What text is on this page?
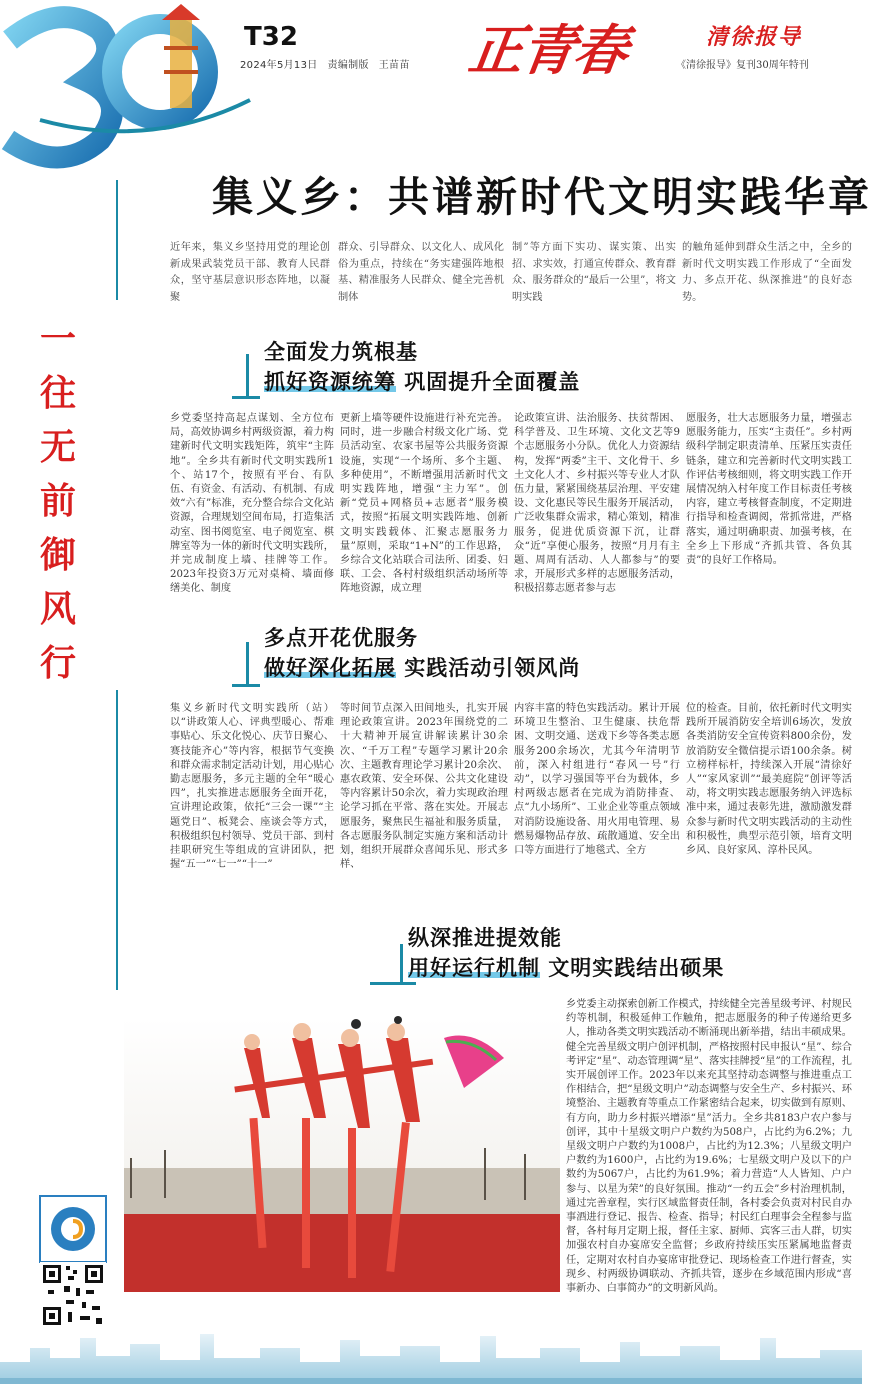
T32
2024年5月13日 责编制版 王苗苗 正青春	清徐报导
《清徐报导》复刊30周年特刊
一
往
无
前
御
风
行
集义乡：共谱新时代文明实践华章
近年来，集义乡坚持用党的理论创新成果武装党员干部、教育人民群众，坚守基层意识形态阵地，以凝聚
群众、引导群众、以文化人、成风化俗为重点，持续在“务实建强阵地根基、精准服务人民群众、健全完善机制体
制”等方面下实功、谋实策、出实招、求实效，打通宣传群众、教育群众、服务群众的“最后一公里”，将文明实践
的触角延伸到群众生活之中，全乡的新时代文明实践工作形成了“全面发力、多点开花、纵深推进”的良好态势。
全面发力筑根基
抓好资源统筹 巩固提升全面覆盖
乡党委坚持高起点谋划、全方位布局，高效协调乡村两级资源，着力构建新时代文明实践矩阵，筑牢“主阵地”。全乡共有新时代文明实践所1个、站17个，按照有平台、有队伍、有资金、有活动、有机制、有成效“六有”标准，充分整合综合文化站资源，合理规划空间布局，打造集活动室、图书阅览室、电子阅览室、棋牌室等为一体的新时代文明实践所，并完成制度上墙、挂牌等工作。2023年投资3万元对桌椅、墙面修缮美化、制度
更新上墙等硬件设施进行补充完善。同时，进一步融合村级文化广场、党员活动室、农家书屋等公共服务资源设施，实现“一个场所、多个主题、多种使用”，不断增强用活新时代文明实践阵地，增强“主力军”。创新“党员+网格员+志愿者”服务模式，按照“拓展文明实践阵地、创新文明实践载体、汇聚志愿服务力量”原则，采取“1+N”的工作思路，乡综合文化站联合司法所、团委、妇联、工会、各村村级组织活动场所等阵地资源，成立理
论政策宣讲、法治服务、扶贫帮困、科学普及、卫生环境、文化文艺等9个志愿服务小分队。优化人力资源结构，发挥“两委”主干、文化骨干、乡土文化人才、乡村振兴等专业人才队伍力量，紧紧围绕基层治理、平安建设、文化惠民等民生服务开展活动，广泛收集群众需求，精心策划，精准服务，促进优质资源下沉，让群众“近”享便心服务，按照“月月有主题、周周有活动、人人都参与”的要求，开展形式多样的志愿服务活动，积极招募志愿者参与志
愿服务，壮大志愿服务力量，增强志愿服务能力，压实“主责任”。乡村两级科学制定职责清单、压紧压实责任链条，建立和完善新时代文明实践工作评估考核细则，将文明实践工作开展情况纳入村年度工作目标责任考核内容，建立考核督查制度，不定期进行指导和检查调阅，常抓常进，严格落实，通过明确职责、加强考核，在全乡上下形成“齐抓共管、各负其责”的良好工作格局。
多点开花优服务
做好深化拓展 实践活动引领风尚
集义乡新时代文明实践所（站）以“讲政策人心、评典型暖心、帮难事贴心、乐文化悦心、庆节日聚心、赛技能齐心”等内容，根据节气变换和群众需求制定活动计划，用心贴心勤志愿服务，多元主题的全年“暖心四”，扎实推进志愿服务全面开花，宣讲理论政策，依托“三会一课”“主题党日”、板凳会、座谈会等方式，积极组织包村领导、党员干部、到村挂职研究生等组成的宣讲团队，把握“五一”“七一”“十一”
等时间节点深入田间地头，扎实开展理论政策宣讲。2023年围绕党的二十大精神开展宣讲解读累计30余次、“千万工程”专题学习累计20余次、主题教育理论学习累计20余次、惠农政策、安全环保、公共文化建设等内容累计50余次，着力实现政治理论学习抓在平常、落在实处。开展志愿服务，聚焦民生福祉和服务质量，各志愿服务队制定实施方案和活动计划，组织开展群众喜闻乐见、形式多样、
内容丰富的特色实践活动。累计开展环境卫生整治、卫生健康、扶危帮困、文明交通、送戏下乡等各类志愿服务200余场次，尤其今年清明节前，深入村组进行“春风一号”行动”，以学习强国等平台为载体，乡村两级志愿者在完成为消防排查、点“九小场所”、工业企业等重点领域对消防设施设备、用火用电管理、易燃易爆物品存放、疏散通道、安全出口等方面进行了地毯式、全方
位的检查。目前，依托新时代文明实践所开展消防安全培训6场次，发放各类消防安全宣传资料800余份，发放消防安全微信提示语100余条。树立榜样标杆，持续深入开展“清徐好人”“家风家训”“最美庭院”创评等活动，将文明实践志愿服务纳入评选标准中来，通过表彰先进，激励激发群众参与新时代文明实践活动的主动性和积极性，典型示范引领，培育文明乡风、良好家风、淳朴民风。
纵深推进提效能
用好运行机制 文明实践结出硕果
乡党委主动探索创新工作模式，持续健全完善星级考评、村规民约等机制，积极延伸工作触角，把志愿服务的种子传递给更多人，推动各类文明实践活动不断涌现出新举措，结出丰硕成果。健全完善星级文明户创评机制，严格按照村民申报认“星”、综合考评定“星”、动态管理调“星”、落实挂牌授“星”的工作流程，扎实开展创评工作。2023年以来充其坚持动态调整与推进重点工作相结合，把“星级文明户”动态调整与安全生产、乡村振兴、环境整治、主题教育等重点工作紧密结合起来，切实做到有原则、有方向，助力乡村振兴增添“星”活力。全乡共8183户农户参与创评，其中十星级文明户户数约为508户，占比约为6.2%；九星级文明户户数约为1008户，占比约为12.3%；八星级文明户户数约为1600户，占比约为19.6%；七星级文明户及以下的户数约为5067户，占比约为61.9%；着力营造“人人皆知、户户参与、以星为荣”的良好氛围。推动“一约五会”乡村治理机制，通过完善章程，实行区域监督责任制，各村委会负责对村民自办事酒进行登记、报告、检查、指导；村民红白理事会全程参与监督，各村每月定期上报，督任主家、厨师、宾客三击人群，切实加强农村自办宴席安全监督；乡政府持续压实压紧属地监督责任，定期对农村自办宴席审批登记、现场检查工作进行督查，实现乡、村两级协调联动、齐抓共管，逐步在乡域范围内形成“喜事新办、白事简办”的文明新风尚。
